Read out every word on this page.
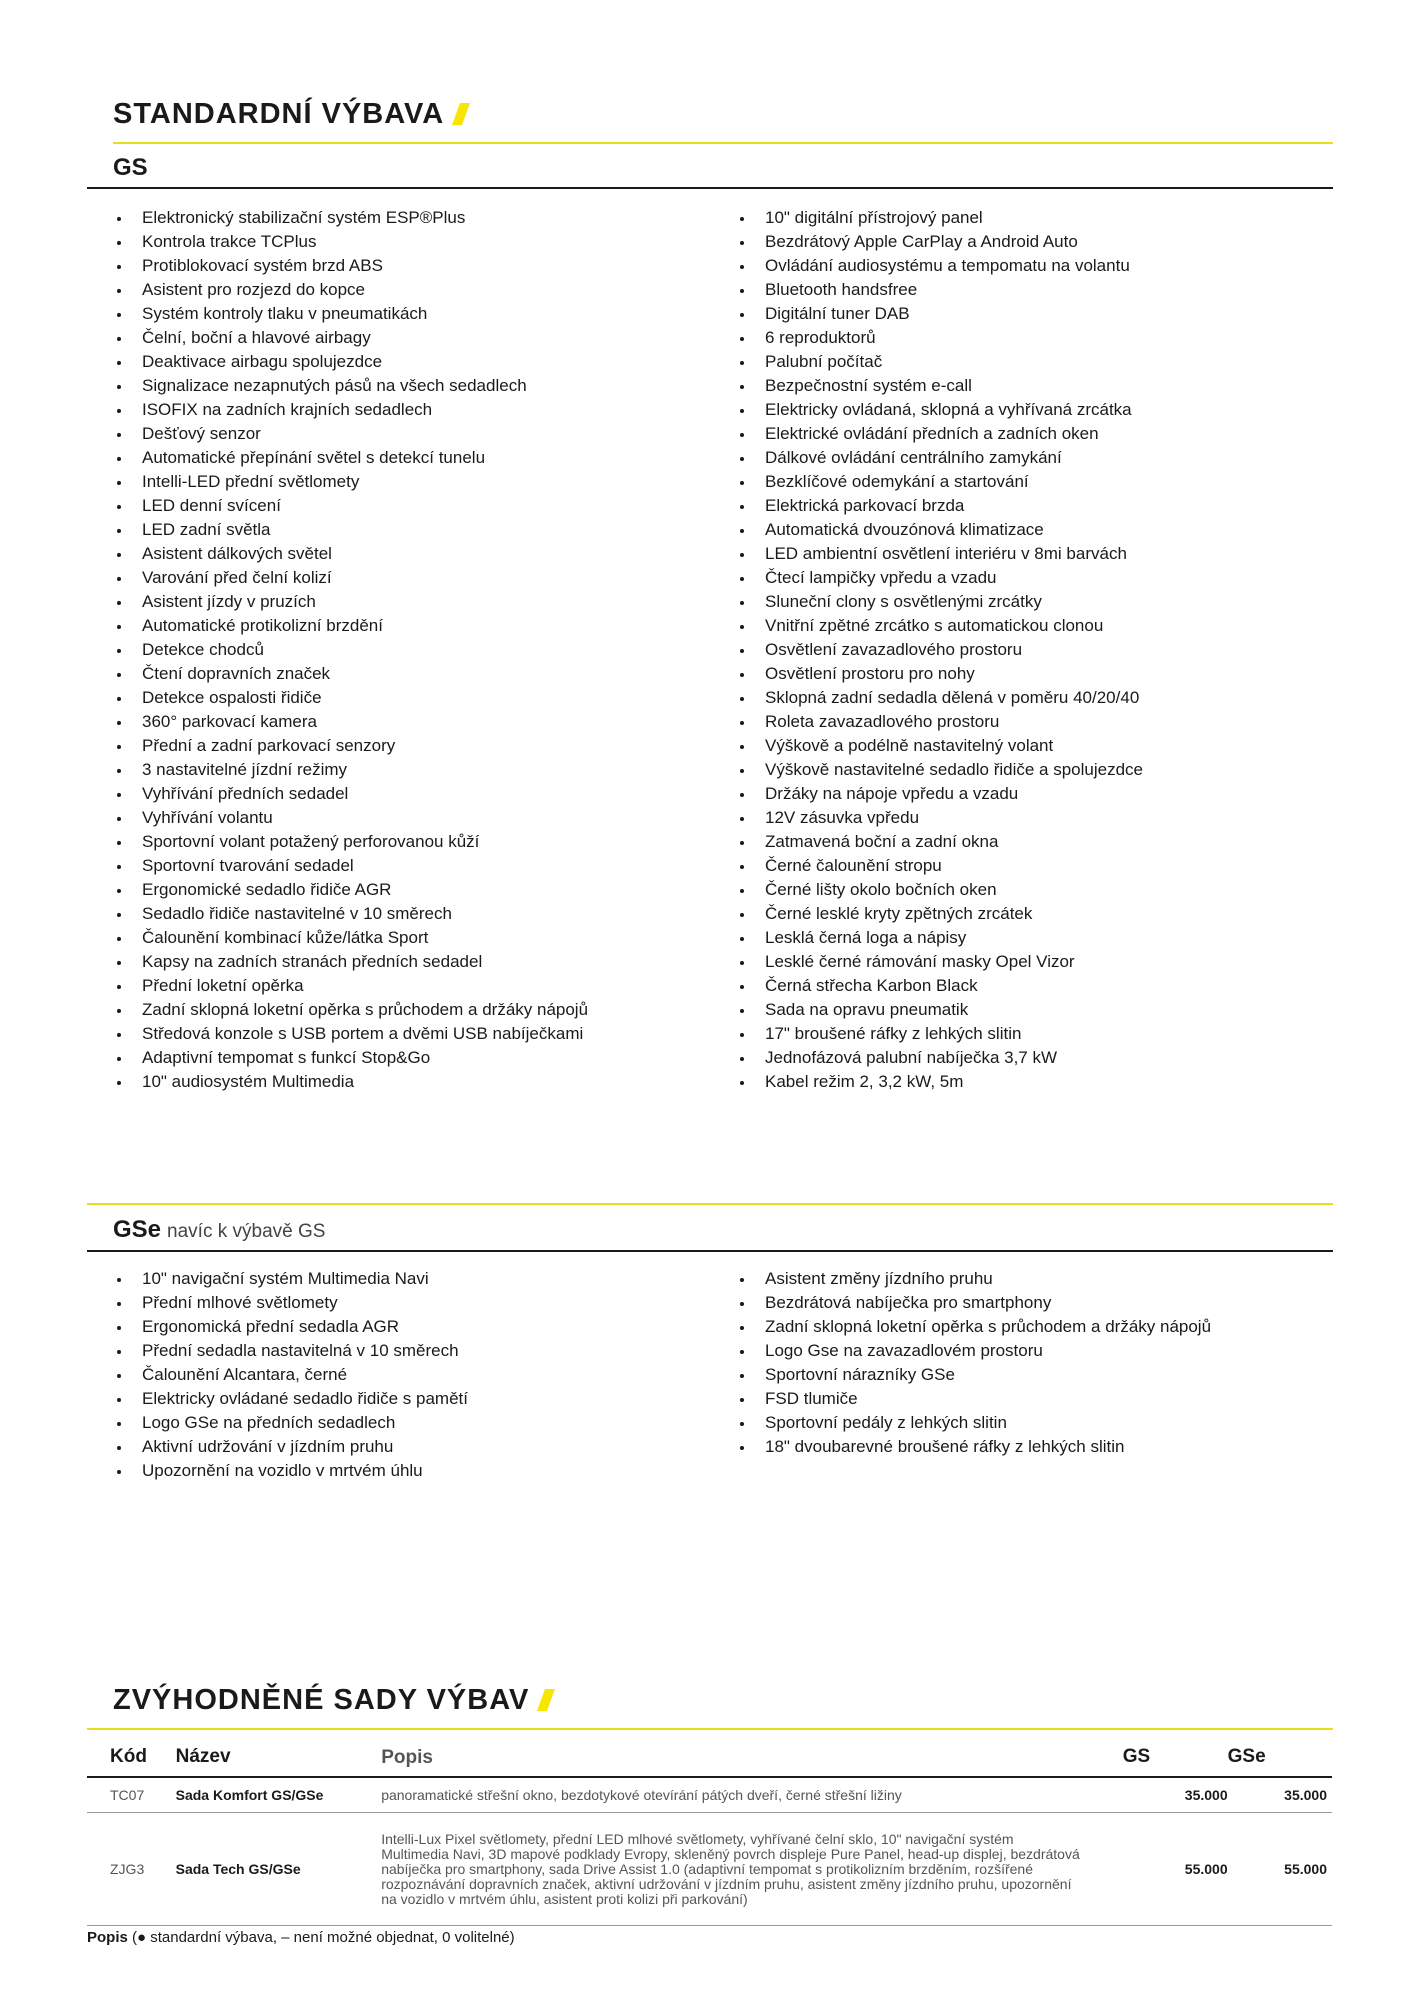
STANDARDNÍ VÝBAVA
GS
Elektronický stabilizační systém ESP®Plus
Kontrola trakce TCPlus
Protiblokovací systém brzd ABS
Asistent pro rozjezd do kopce
Systém kontroly tlaku v pneumatikách
Čelní, boční a hlavové airbagy
Deaktivace airbagu spolujezdce
Signalizace nezapnutých pásů na všech sedadlech
ISOFIX na zadních krajních sedadlech
Dešťový senzor
Automatické přepínání světel s detekcí tunelu
Intelli-LED přední světlomety
LED denní svícení
LED zadní světla
Asistent dálkových světel
Varování před čelní kolizí
Asistent jízdy v pruzích
Automatické protikolizní brzdění
Detekce chodců
Čtení dopravních značek
Detekce ospalosti řidiče
360° parkovací kamera
Přední a zadní parkovací senzory
3 nastavitelné jízdní režimy
Vyhřívání předních sedadel
Vyhřívání volantu
Sportovní volant potažený perforovanou kůží
Sportovní tvarování sedadel
Ergonomické sedadlo řidiče AGR
Sedadlo řidiče nastavitelné v 10 směrech
Čalounění kombinací kůže/látka Sport
Kapsy na zadních stranách předních sedadel
Přední loketní opěrka
Zadní sklopná loketní opěrka s průchodem a držáky nápojů
Středová konzole s USB portem a dvěmi USB nabíječkami
Adaptivní tempomat s funkcí Stop&Go
10" audiosystém Multimedia
10" digitální přístrojový panel
Bezdrátový Apple CarPlay a Android Auto
Ovládání audiosystému a tempomatu na volantu
Bluetooth handsfree
Digitální tuner DAB
6 reproduktorů
Palubní počítač
Bezpečnostní systém e-call
Elektricky ovládaná, sklopná a vyhřívaná zrcátka
Elektrické ovládání předních a zadních oken
Dálkové ovládání centrálního zamykání
Bezklíčové odemykání a startování
Elektrická parkovací brzda
Automatická dvouzónová klimatizace
LED ambientní osvětlení interiéru v 8mi barvách
Čtecí lampičky vpředu a vzadu
Sluneční clony s osvětlenými zrcátky
Vnitřní zpětné zrcátko s automatickou clonou
Osvětlení zavazadlového prostoru
Osvětlení prostoru pro nohy
Sklopná zadní sedadla dělená v poměru 40/20/40
Roleta zavazadlového prostoru
Výškově a podélně nastavitelný volant
Výškově nastavitelné sedadlo řidiče a spolujezdce
Držáky na nápoje vpředu a vzadu
12V zásuvka vpředu
Zatmavená boční a zadní okna
Černé čalounění stropu
Černé lišty okolo bočních oken
Černé lesklé kryty zpětných zrcátek
Lesklá černá loga a nápisy
Lesklé černé rámování masky Opel Vizor
Černá střecha Karbon Black
Sada na opravu pneumatik
17" broušené ráfky z lehkých slitin
Jednofázová palubní nabíječka 3,7 kW
Kabel režim 2, 3,2 kW, 5m
GSe navíc k výbavě GS
10" navigační systém Multimedia Navi
Přední mlhové světlomety
Ergonomická přední sedadla AGR
Přední sedadla nastavitelná v 10 směrech
Čalounění Alcantara, černé
Elektricky ovládané sedadlo řidiče s pamětí
Logo GSe na předních sedadlech
Aktivní udržování v jízdním pruhu
Upozornění na vozidlo v mrtvém úhlu
Asistent změny jízdního pruhu
Bezdrátová nabíječka pro smartphony
Zadní sklopná loketní opěrka s průchodem a držáky nápojů
Logo Gse na zavazadlovém prostoru
Sportovní nárazníky GSe
FSD tlumiče
Sportovní pedály z lehkých slitin
18" dvoubarevné broušené ráfky z lehkých slitin
ZVÝHODNĚNÉ SADY VÝBAV
Kód	Název	Popis	GS	GSe
TC07	Sada Komfort GS/GSe	panoramatické střešní okno, bezdotykové otevírání pátých dveří, černé střešní ližiny	35.000	35.000
ZJG3	Sada Tech GS/GSe	Intelli-Lux Pixel světlomety, přední LED mlhové světlomety, vyhřívané čelní sklo, 10" navigační systém Multimedia Navi, 3D mapové podklady Evropy, skleněný povrch displeje Pure Panel, head-up displej, bezdrátová nabíječka pro smartphony, sada Drive Assist 1.0 (adaptivní tempomat s protikolizním brzděním, rozšířené rozpoznávání dopravních značek, aktivní udržování v jízdním pruhu, asistent změny jízdního pruhu, upozornění na vozidlo v mrtvém úhlu, asistent proti kolizi při parkování)	55.000	55.000
Popis (● standardní výbava, – není možné objednat, 0 volitelné)
